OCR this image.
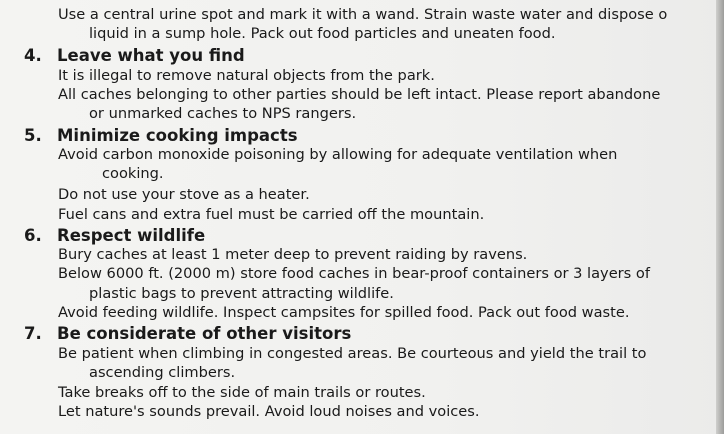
Use a central urine spot and mark it with a wand. Strain waste water and dispose o
liquid in a sump hole. Pack out food particles and uneaten food.
4. Leave what you find
It is illegal to remove natural objects from the park.
All caches belonging to other parties should be left intact. Please report abandone
or unmarked caches to NPS rangers.
5. Minimize cooking impacts
Avoid carbon monoxide poisoning by allowing for adequate ventilation when
cooking.
Do not use your stove as a heater.
Fuel cans and extra fuel must be carried off the mountain.
6. Respect wildlife
Bury caches at least 1 meter deep to prevent raiding by ravens.
Below 6000 ft. (2000 m) store food caches in bear-proof containers or 3 layers of
plastic bags to prevent attracting wildlife.
Avoid feeding wildlife. Inspect campsites for spilled food. Pack out food waste.
7. Be considerate of other visitors
Be patient when climbing in congested areas. Be courteous and yield the trail to
ascending climbers.
Take breaks off to the side of main trails or routes.
Let nature's sounds prevail. Avoid loud noises and voices.
